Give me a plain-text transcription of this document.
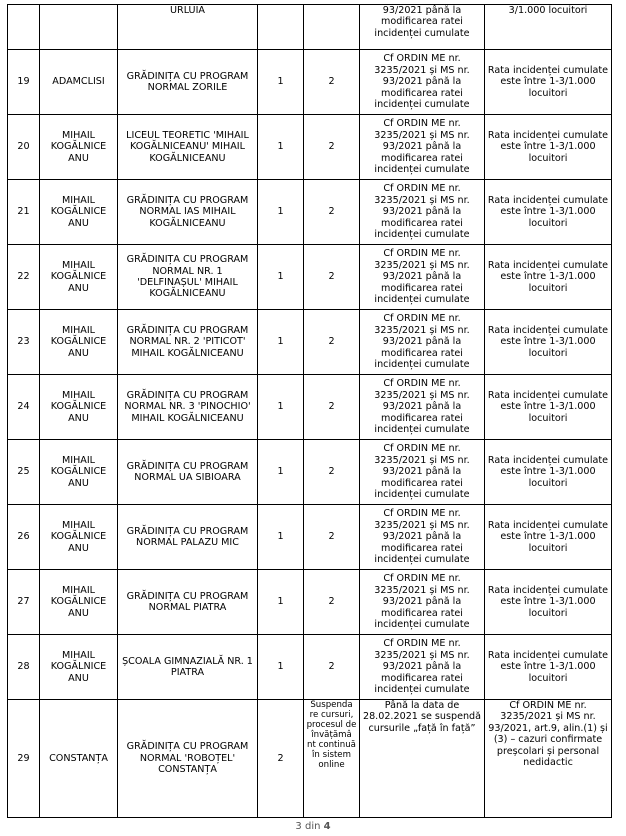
		URLUIA			93/2021 până la modificarea ratei incidenței cumulate	3/1.000 locuitori
19	ADAMCLISI	GRĂDINIȚA CU PROGRAM NORMAL ZORILE	1	2	Cf ORDIN ME nr. 3235/2021 și MS nr. 93/2021 până la modificarea ratei incidenței cumulate	Rata incidenței cumulate este între 1-3/1.000 locuitori
20	MIHAIL KOGĂLNICE ANU	LICEUL TEORETIC 'MIHAIL KOGĂLNICEANU' MIHAIL KOGĂLNICEANU	1	2	Cf ORDIN ME nr. 3235/2021 și MS nr. 93/2021 până la modificarea ratei incidenței cumulate	Rata incidenței cumulate este între 1-3/1.000 locuitori
21	MIHAIL KOGĂLNICE ANU	GRĂDINIȚA CU PROGRAM NORMAL IAS MIHAIL KOGĂLNICEANU	1	2	Cf ORDIN ME nr. 3235/2021 și MS nr. 93/2021 până la modificarea ratei incidenței cumulate	Rata incidenței cumulate este între 1-3/1.000 locuitori
22	MIHAIL KOGĂLNICE ANU	GRĂDINIȚA CU PROGRAM NORMAL NR. 1 'DELFINAȘUL' MIHAIL KOGĂLNICEANU	1	2	Cf ORDIN ME nr. 3235/2021 și MS nr. 93/2021 până la modificarea ratei incidenței cumulate	Rata incidenței cumulate este între 1-3/1.000 locuitori
23	MIHAIL KOGĂLNICE ANU	GRĂDINIȚA CU PROGRAM NORMAL NR. 2 'PITICOT' MIHAIL KOGĂLNICEANU	1	2	Cf ORDIN ME nr. 3235/2021 și MS nr. 93/2021 până la modificarea ratei incidenței cumulate	Rata incidenței cumulate este între 1-3/1.000 locuitori
24	MIHAIL KOGĂLNICE ANU	GRĂDINIȚA CU PROGRAM NORMAL NR. 3 'PINOCHIO' MIHAIL KOGĂLNICEANU	1	2	Cf ORDIN ME nr. 3235/2021 și MS nr. 93/2021 până la modificarea ratei incidenței cumulate	Rata incidenței cumulate este între 1-3/1.000 locuitori
25	MIHAIL KOGĂLNICE ANU	GRĂDINIȚA CU PROGRAM NORMAL UA SIBIOARA	1	2	Cf ORDIN ME nr. 3235/2021 și MS nr. 93/2021 până la modificarea ratei incidenței cumulate	Rata incidenței cumulate este între 1-3/1.000 locuitori
26	MIHAIL KOGĂLNICE ANU	GRĂDINIȚA CU PROGRAM NORMAL PALAZU MIC	1	2	Cf ORDIN ME nr. 3235/2021 și MS nr. 93/2021 până la modificarea ratei incidenței cumulate	Rata incidenței cumulate este între 1-3/1.000 locuitori
27	MIHAIL KOGĂLNICE ANU	GRĂDINIȚA CU PROGRAM NORMAL PIATRA	1	2	Cf ORDIN ME nr. 3235/2021 și MS nr. 93/2021 până la modificarea ratei incidenței cumulate	Rata incidenței cumulate este între 1-3/1.000 locuitori
28	MIHAIL KOGĂLNICE ANU	ȘCOALA GIMNAZIALĂ NR. 1 PIATRA	1	2	Cf ORDIN ME nr. 3235/2021 și MS nr. 93/2021 până la modificarea ratei incidenței cumulate	Rata incidenței cumulate este între 1-3/1.000 locuitori
29	CONSTANȚA	GRĂDINIȚA CU PROGRAM NORMAL 'ROBOȚEL' CONSTANȚA	2	Suspenda re cursuri, procesul de învățămâ nt continuă în sistem online	Până la data de 28.02.2021 se suspendă cursurile „față în față”	Cf ORDIN ME nr. 3235/2021 și MS nr. 93/2021, art.9, alin.(1) și (3) – cazuri confirmate preșcolari și personal nedidactic
3 din 4
